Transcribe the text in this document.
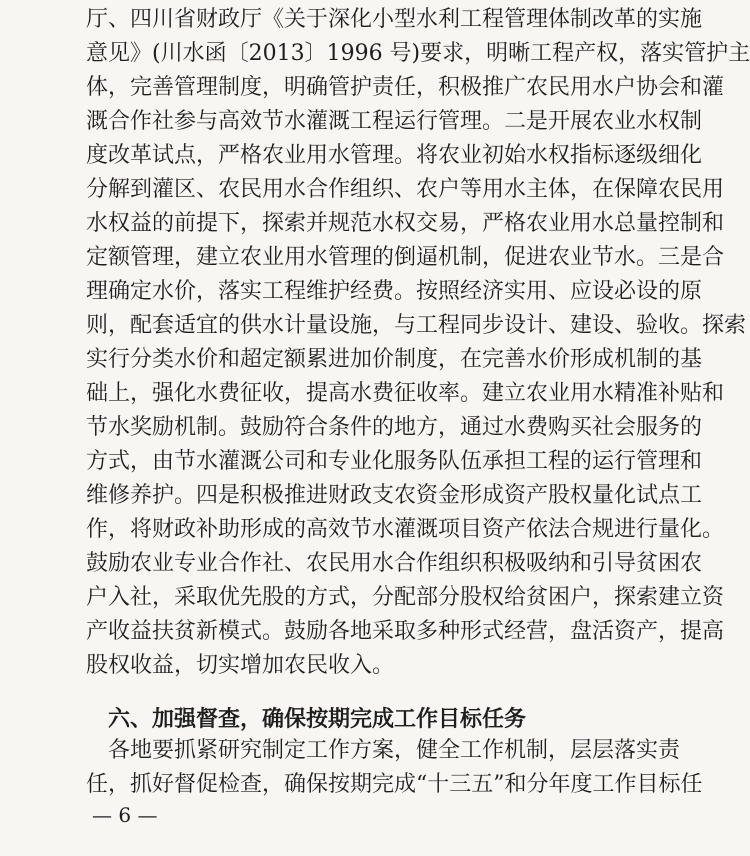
厅、四川省财政厅《关于深化小型水利工程管理体制改革的实施
意见》(川水函〔2013〕1996 号)要求，明晰工程产权，落实管护主
体，完善管理制度，明确管护责任，积极推广农民用水户协会和灌
溉合作社参与高效节水灌溉工程运行管理。二是开展农业水权制
度改革试点，严格农业用水管理。将农业初始水权指标逐级细化
分解到灌区、农民用水合作组织、农户等用水主体，在保障农民用
水权益的前提下，探索并规范水权交易，严格农业用水总量控制和
定额管理，建立农业用水管理的倒逼机制，促进农业节水。三是合
理确定水价，落实工程维护经费。按照经济实用、应设必设的原
则，配套适宜的供水计量设施，与工程同步设计、建设、验收。探索
实行分类水价和超定额累进加价制度，在完善水价形成机制的基
础上，强化水费征收，提高水费征收率。建立农业用水精准补贴和
节水奖励机制。鼓励符合条件的地方，通过水费购买社会服务的
方式，由节水灌溉公司和专业化服务队伍承担工程的运行管理和
维修养护。四是积极推进财政支农资金形成资产股权量化试点工
作，将财政补助形成的高效节水灌溉项目资产依法合规进行量化。
鼓励农业专业合作社、农民用水合作组织积极吸纳和引导贫困农
户入社，采取优先股的方式，分配部分股权给贫困户，探索建立资
产收益扶贫新模式。鼓励各地采取多种形式经营，盘活资产，提高
股权收益，切实增加农民收入。
六、加强督查，确保按期完成工作目标任务
各地要抓紧研究制定工作方案，健全工作机制，层层落实责
任，抓好督促检查，确保按期完成“十三五”和分年度工作目标任
— 6 —
